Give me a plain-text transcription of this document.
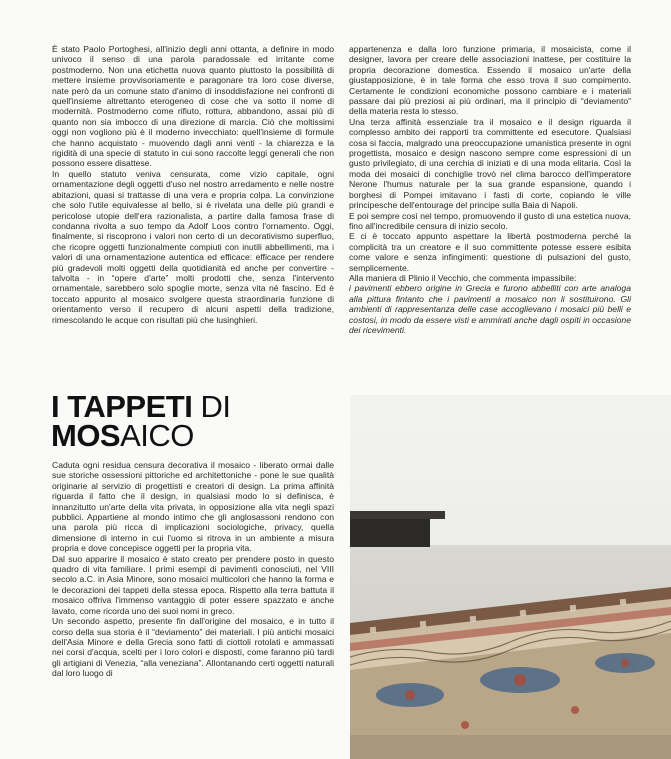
È stato Paolo Portoghesi, all'inizio degli anni ottanta, a definire in modo univoco il senso di una parola paradossale ed irritante come postmoderno. Non una etichetta nuova quanto piuttosto la possibilità di mettere insieme provvisoriamente e paragonare tra loro cose diverse, nate però da un comune stato d'animo di insoddisfazione nei confronti di quell'insieme altrettanto eterogeneo di cose che va sotto il nome di modernità. Postmoderno come rifiuto, rottura, abbandono, assai più di quanto non sia imbocco di una direzione di marcia. Ciò che moltissimi oggi non vogliono più è il moderno invecchiato: quell'insieme di formule che hanno acquistato - muovendo dagli anni venti - la chiarezza e la rigidità di una specie di statuto in cui sono raccolte leggi generali che non possono essere disattese.

In quello statuto veniva censurata, come vizio capitale, ogni ornamentazione degli oggetti d'uso nel nostro arredamento e nelle nostre abitazioni, quasi si trattasse di una vera e propria colpa. La convinzione che solo l'utile equivalesse al bello, si è rivelata una delle più grandi e pericolose utopie dell'era razionalista, a partire dalla famosa frase di condanna rivolta a suo tempo da Adolf Loos contro l'ornamento. Oggi, finalmente, si riscoprono i valori non certo di un decorativismo superfluo, che ricopre oggetti funzionalmente compiuti con inutili abbellimenti, ma i valori di una ornamentazione autentica ed efficace: efficace per rendere più gradevoli molti oggetti della quotidianità ed anche per convertire - talvolta - in “opere d'arte” molti prodotti che, senza l'intervento ornamentale, sarebbero solo spoglie morte, senza vita né fascino. Ed è toccato appunto al mosaico svolgere questa straordinaria funzione di orientamento verso il recupero di alcuni aspetti della tradizione, rimescolando le acque con risultati più che lusinghieri.

appartenenza e dalla loro funzione primaria, il mosaicista, come il designer, lavora per creare delle associazioni inattese, per costituire la propria decorazione domestica. Essendo il mosaico un'arte della giustapposizione, è in tale forma che esso trova il suo compimento. Certamente le condizioni economiche possono cambiare e i materiali passare dai più preziosi ai più ordinari, ma il principio di “deviamento” della materia resta lo stesso.

Una terza affinità essenziale tra il mosaico e il design riguarda il complesso ambito dei rapporti tra committente ed esecutore. Qualsiasi cosa si faccia, malgrado una preoccupazione umanistica presente in ogni progettista, mosaico e design nascono sempre come espressioni di un gusto privilegiato, di una cerchia di iniziati e di una moda elitaria. Così la moda dei mosaici di conchiglie trovò nel clima barocco dell'imperatore Nerone l'humus naturale per la sua grande espansione, quando i borghesi di Pompei imitavano i fasti di corte, copiando le ville principesche dell'entourage del principe sulla Baia di Napoli.

E poi sempre così nel tempo, promuovendo il gusto di una estetica nuova, fino all'incredibile censura di inizio secolo.

E ci è toccato appunto aspettare la libertà postmoderna perché la complicità tra un creatore e il suo committente potesse essere esibita come valore e senza infingimenti: questione di pulsazioni del gusto, semplicemente.

Alla maniera di Plinio il Vecchio, che commenta impassibile:

i pavimenti ebbero origine in Grecia e furono abbelliti con arte analoga alla pittura fintanto che i pavimenti a mosaico non li sostituirono. Gli ambienti di rappresentanza delle case accoglievano i mosaici più belli e costosi, in modo da essere visti e ammirati anche dagli ospiti in occasione dei ricevimenti.

I TAPPETI DI
MOSAICO

Caduta ogni residua censura decorativa il mosaico - liberato ormai dalle sue storiche ossessioni pittoriche ed architettoniche - pone le sue qualità originarie al servizio di progettisti e creatori di design. La prima affinità riguarda il fatto che il design, in qualsiasi modo lo si definisca, è innanzitutto un'arte della vita privata, in opposizione alla vita negli spazi pubblici. Appartiene al mondo intimo che gli anglosassoni rendono con una parola più ricca di implicazioni sociologiche, privacy, quella dimensione di interno in cui l'uomo si ritrova in un ambiente a misura propria e dove concepisce oggetti per la propria vita.

Dal suo apparire il mosaico è stato creato per prendere posto in questo quadro di vita familiare. I primi esempi di pavimenti conosciuti, nel VIII secolo a.C. in Asia Minore, sono mosaici multicolori che hanno la forma e le decorazioni dei tappeti della stessa epoca. Rispetto alla terra battuta il mosaico offriva l'immenso vantaggio di poter essere spazzato e anche lavato, come ricorda uno dei suoi nomi in greco.

Un secondo aspetto, presente fin dall'origine del mosaico, e in tutto il corso della sua storia è il “deviamento” dei materiali. I più antichi mosaici dell'Asia Minore e della Grecia sono fatti di ciottoli rotolati e ammassati nei corsi d'acqua, scelti per i loro colori e disposti, come faranno più tardi gli artigiani di Venezia, “alla veneziana”. Allontanando certi oggetti naturali dal loro luogo di
